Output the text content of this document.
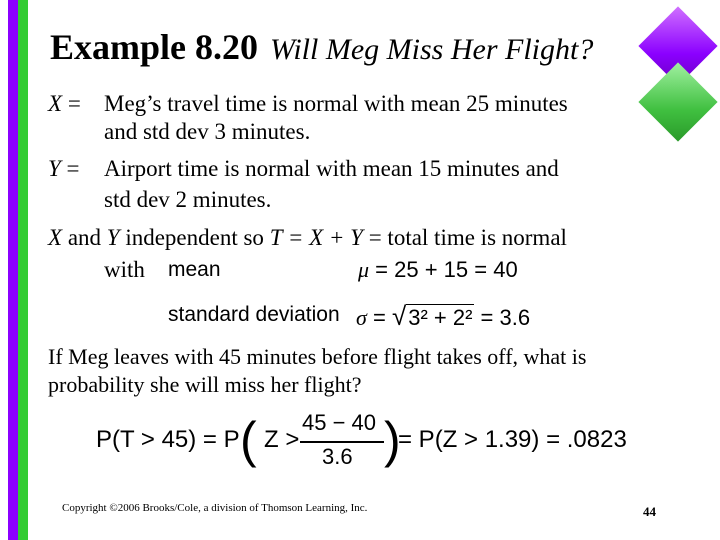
Example 8.20 Will Meg Miss Her Flight?
X = Meg’s travel time is normal with mean 25 minutes
and std dev 3 minutes.
Y = Airport time is normal with mean 15 minutes and
std dev 2 minutes.
X and Y independent so T = X + Y = total time is normal
with mean	μ = 25 + 15 = 40
standard deviation σ = √3² + 2² = 3.6
If Meg leaves with 45 minutes before flight takes off, what is
probability she will miss her flight?
P(T > 45) = P ( Z >
45 − 40
3.6 )
= P(Z > 1.39) = .0823
Copyright ©2006 Brooks/Cole, a division of Thomson Learning, Inc.	44
